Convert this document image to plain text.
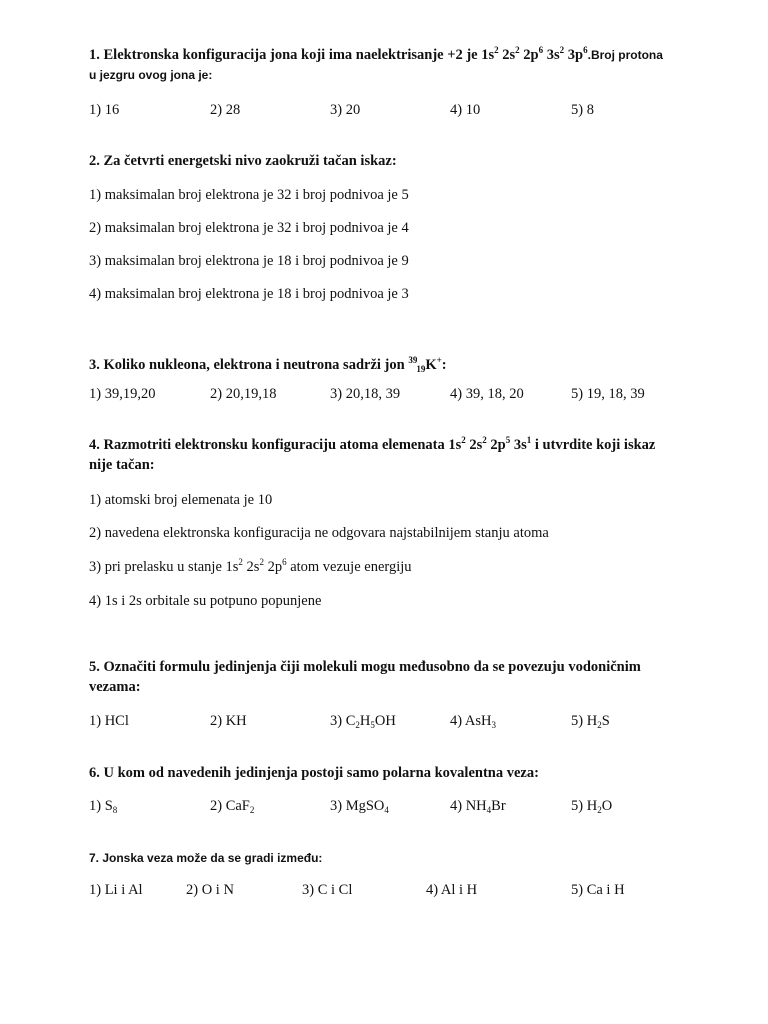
1. Elektronska konfiguracija jona koji ima naelektrisanje +2 je $1s^2$ $2s^2$ $2p^6$ $3s^2$ $3p^6.Broj$ protona
u jezgru ovog jona je:
1) 16	2) 28	3) 20	4) 10	5) 8
2. Za četvrti energetski nivo zaokruži tačan iskaz:
1) maksimalan broj elektrona je 32 i broj podnivoa je 5
2) maksimalan broj elektrona je 32 i broj podnivoa je 4
3) maksimalan broj elektrona je 18 i broj podnivoa je 9
4) maksimalan broj elektrona je 18 i broj podnivoa je 3
3. Koliko nukleona, elektrona i neutrona sadrži jon $^{39}_{19}$K+:
1) 39,19,20	2) 20,19,18	3) 20,18, 39	4) 39, 18, 20	5) 19, 18, 39
4. Razmotriti elektronsku konfiguraciju atoma elemenata $1s^2$ $2s^2$ $2p^5$ $3s^1$ i utvrdite koji iskaz
nije tačan:
1) atomski broj elemenata je 10
2) navedena elektronska konfiguracija ne odgovara najstabilnijem stanju atoma
3) pri prelasku u stanje $1s^2$ $2s^2$ $2p^6$ atom vezuje energiju
4) 1s i 2s orbitale su potpuno popunjene
5. Označiti formulu jedinjenja čiji molekuli mogu međusobno da se povezuju vodoničnim
vezama:
1) HCl	2) KH	3) $C_2H_5OH$	4) AsH$_3$	5) $H_2S$
6. U kom od navedenih jedinjenja postoji samo polarna kovalentna veza:
1) $S_8$	2) CaF$_2$	3) MgSO$_4$	4) $NH_4Br$	5) $H_2O$
7. Jonska veza može da se gradi između:
1) Li i Al	2) O i N	3) C i Cl	4) Al i H	5) Ca i H
